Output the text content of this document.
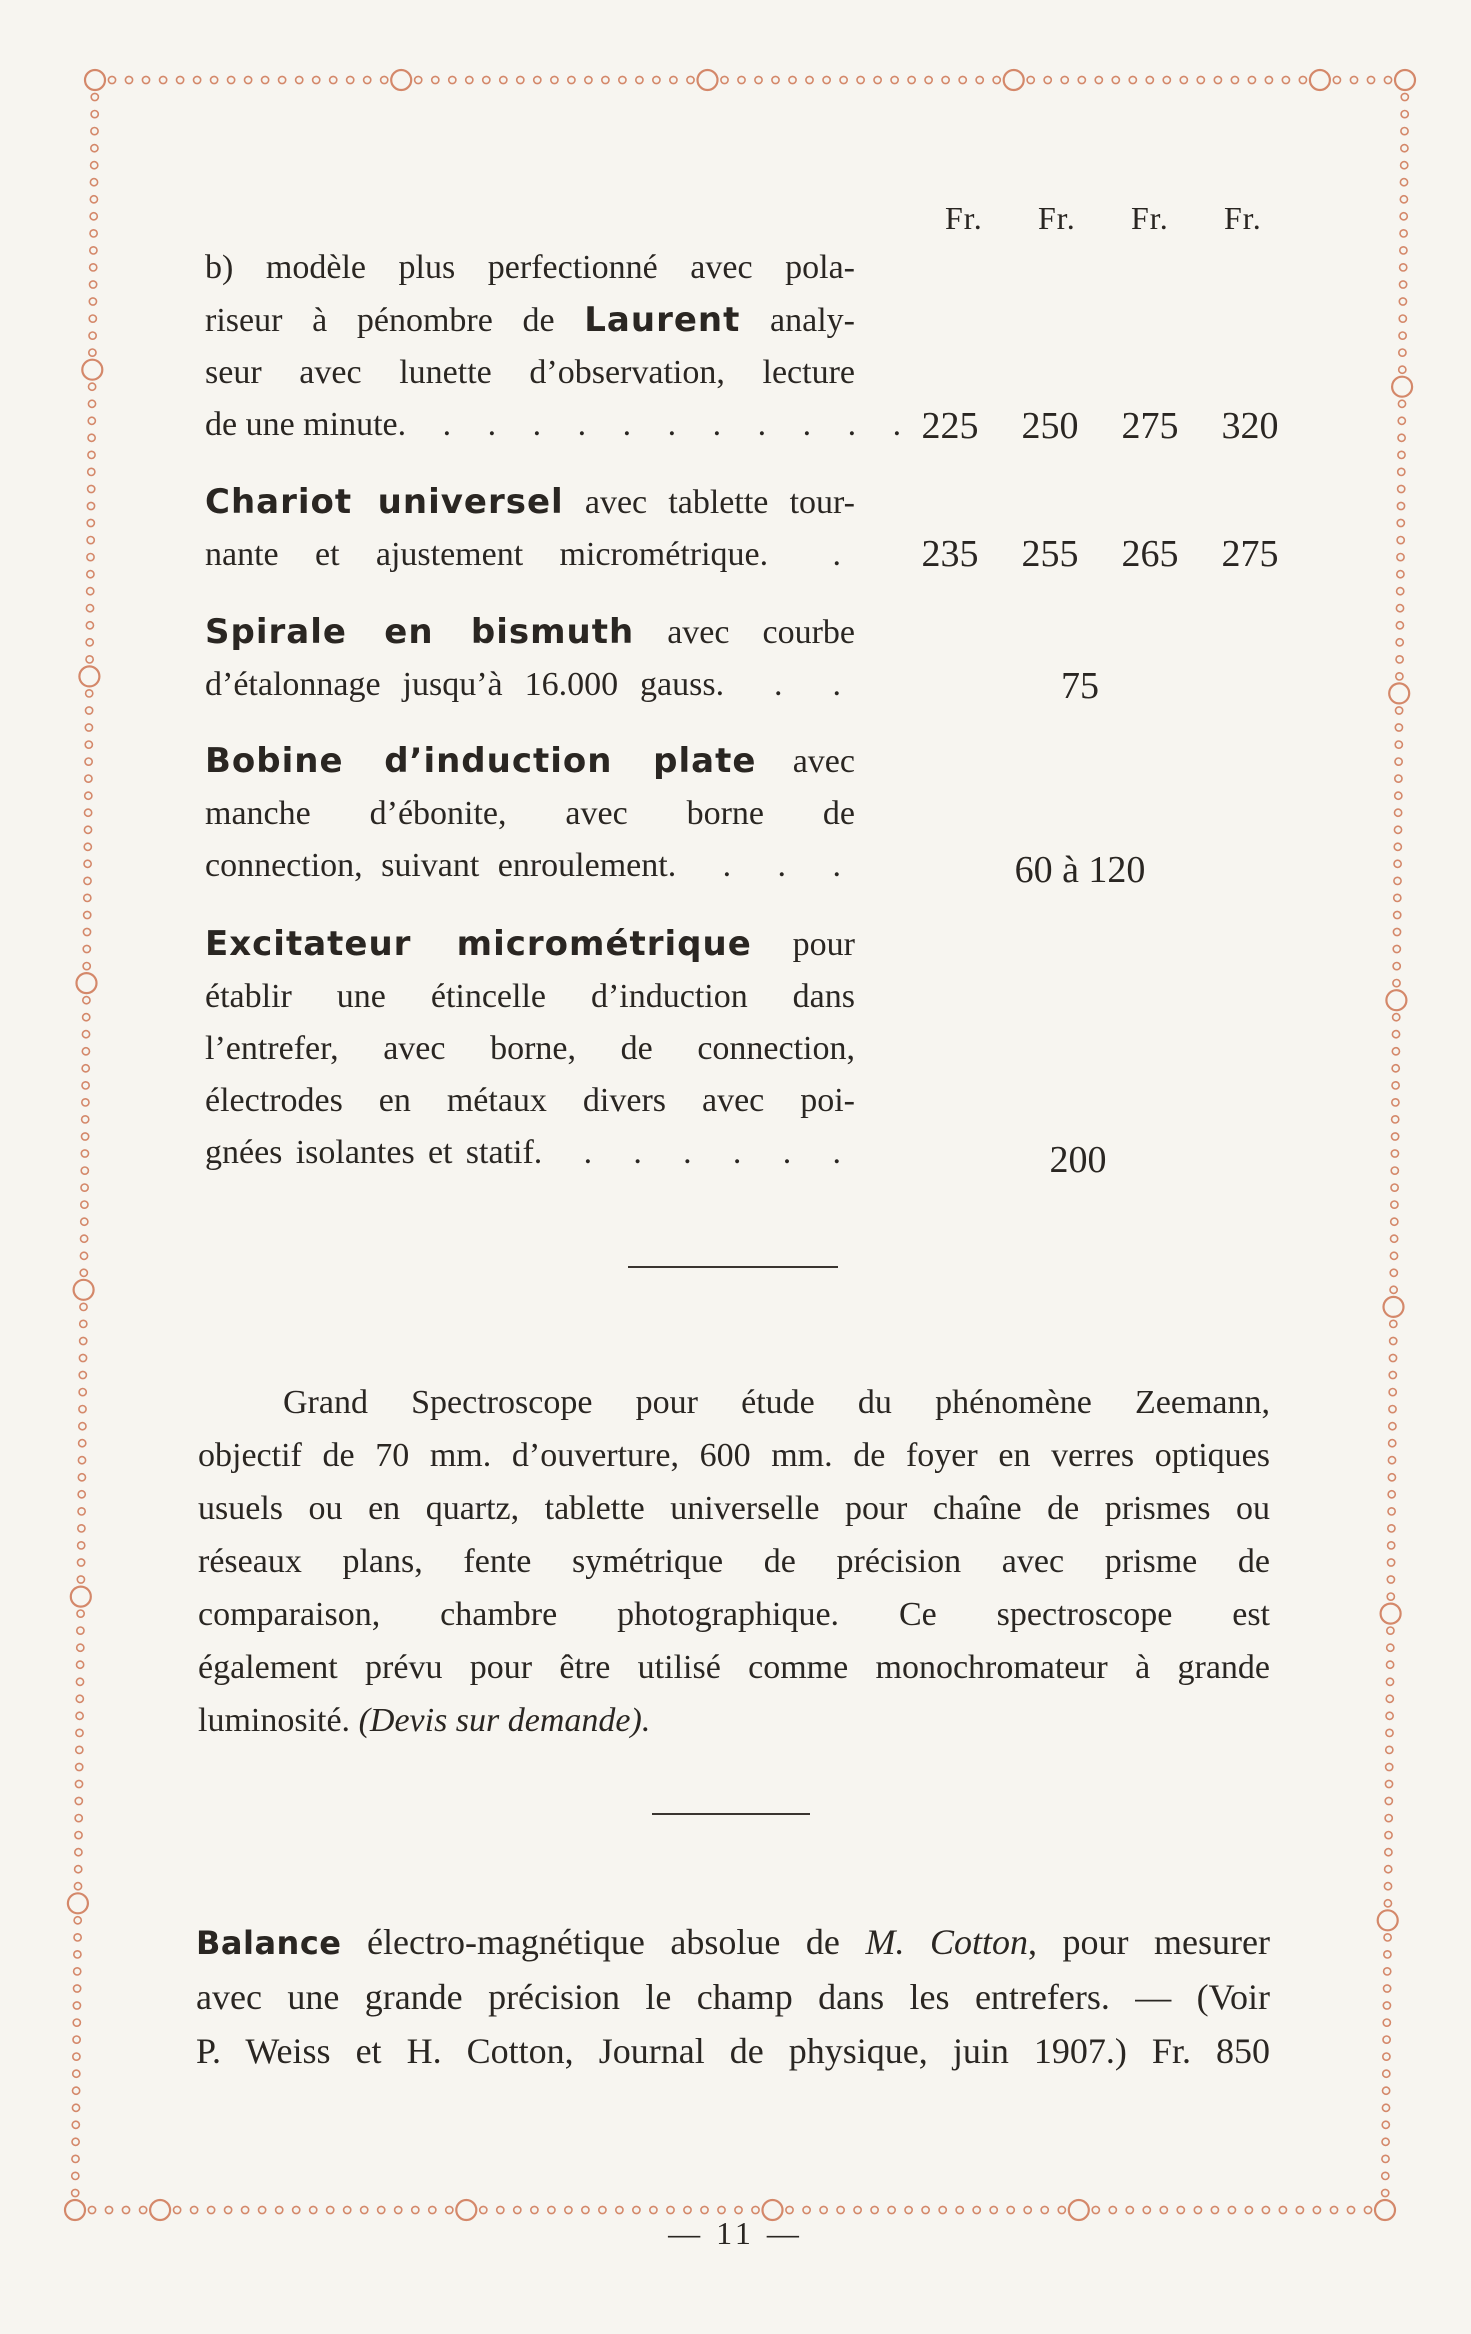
Fr. Fr. Fr. Fr.
b) modèle plus perfectionné avec pola-
riseur à pénombre de Laurent analy-
seur avec lunette d’observation, lecture
de une minute. . . . . . . . . . . . 225	250	275	320
Chariot universel avec tablette tour-
nante et ajustement micrométrique. .	235	255	265	275
Spirale en bismuth avec courbe
d’étalonnage jusqu’à 16.000 gauss. . .	75
Bobine d’induction plate avec
manche d’ébonite, avec borne de
connection, suivant enroulement. . . .	60 à 120
Excitateur micrométrique pour
établir une étincelle d’induction dans
l’entrefer, avec borne, de connection,
électrodes en métaux divers avec poi-
gnées isolantes et statif. . . . . . .	200
Grand Spectroscope pour étude du phénomène Zeemann,
objectif de 70 mm. d’ouverture, 600 mm. de foyer en verres optiques
usuels ou en quartz, tablette universelle pour chaîne de prismes ou
réseaux plans, fente symétrique de précision avec prisme de
comparaison, chambre photographique. Ce spectroscope est
également prévu pour être utilisé comme monochromateur à grande
luminosité. (Devis sur demande).
Balance électro-magnétique absolue de M. Cotton, pour mesurer
avec une grande précision le champ dans les entrefers. — (Voir
P. Weiss et H. Cotton, Journal de physique, juin 1907.) Fr. 850
— 11 —
